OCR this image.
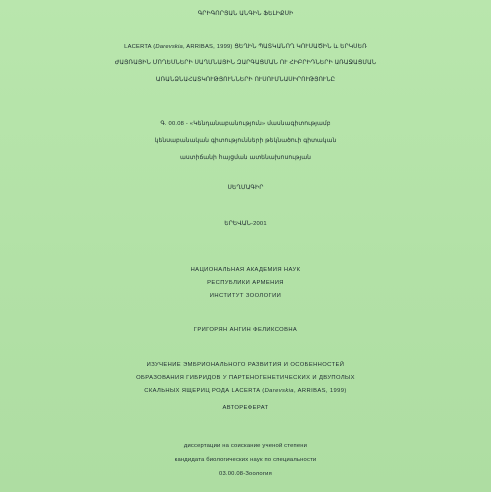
ԳՐԻԳՈՐՅԱՆ ԱՆԳԻՆ ՖԵԼԻՔՍԻ
LACERTA (Darevskia, ARRIBAS, 1999) ՑԵՂԻՆ ՊԱՏԿԱՆՈՂ ԿՈՒՍԱԾԻՆ և ԵՐԿՍԵՌ
ԺԱՅՌԱՅԻՆ ՄՈՂԵՍՆԵՐԻ ՍԱՂՄՆԱՅԻՆ ԶԱՐԳԱՑՄԱՆ ՈՒ ՀԻԲՐԻԴՆԵՐԻ ԱՌԱՋԱՑՄԱՆ
ԱՌԱՆՁՆԱՀԱՏԿՈՒԹՅՈՒՆՆԵՐԻ ՈՒՍՈՒՄՆԱՍԻՐՈՒԹՅՈՒՆԸ
Գ. 00.08 - «Կենդանաբանություն» մասնագիտությամբ
կենսաբանական գիտությունների թեկնածուի գիտական
աստիճանի հայցման ատենախոսության
ՍԵՂՄԱԳԻՐ
ԵՐԵՎԱՆ-2001
НАЦИОНАЛЬНАЯ АКАДЕМИЯ НАУК
РЕСПУБЛИКИ АРМЕНИЯ
ИНСТИТУТ ЗООЛОГИИ
ГРИГОРЯН АНГИН ФЕЛИКСОВНА
ИЗУЧЕНИЕ ЭМБРИОНАЛЬНОГО РАЗВИТИЯ И ОСОБЕННОСТЕЙ
ОБРАЗОВАНИЯ ГИБРИДОВ У ПАРТЕНОГЕНЕТИЧЕСКИХ И ДВУПОЛЫХ
СКАЛЬНЫХ ЯЩЕРИЦ РОДА LACERTA (Darevskia, ARRIBAS, 1999)
АВТОРЕФЕРАТ
диссертации на соискание ученой степени
кандидата биологических наук по специальности
03.00.08-Зоология
